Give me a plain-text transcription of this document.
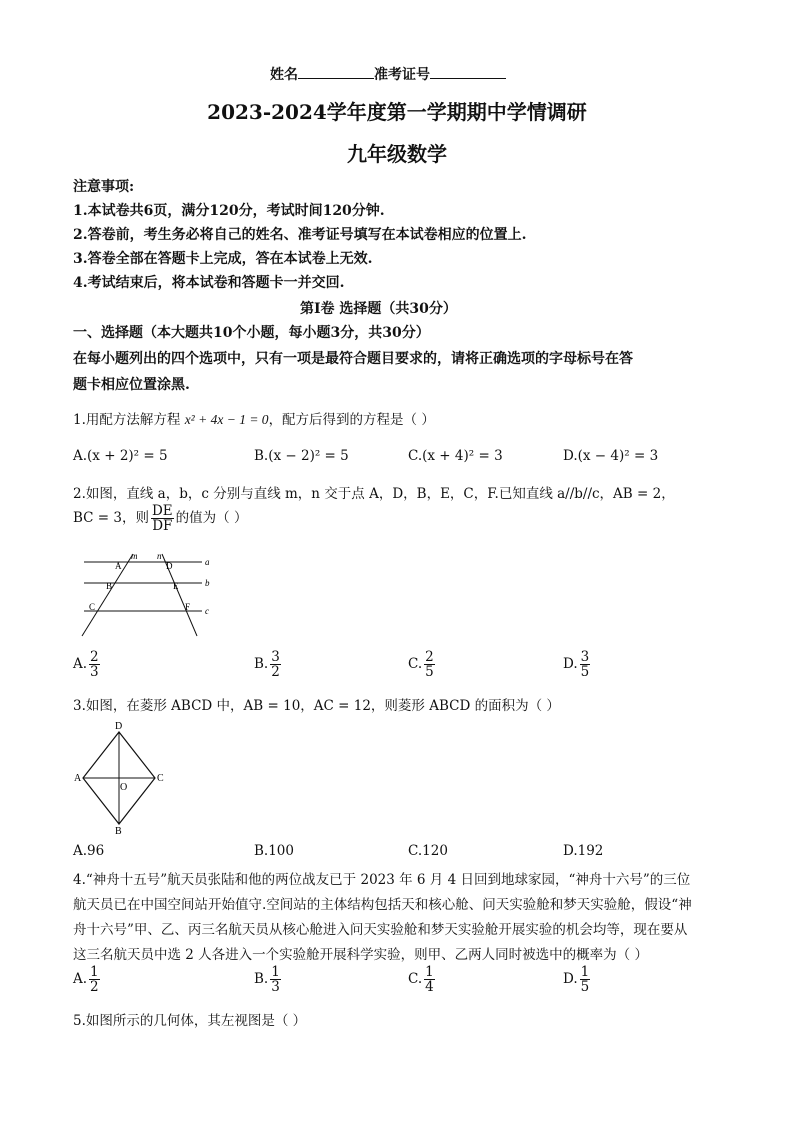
姓名	准考证号
2023-2024学年度第一学期期中学情调研
九年级数学
注意事项:
1.本试卷共6页，满分120分，考试时间120分钟.
2.答卷前，考生务必将自己的姓名、准考证号填写在本试卷相应的位置上.
3.答卷全部在答题卡上完成，答在本试卷上无效.
4.考试结束后，将本试卷和答题卡一并交回.
第I卷 选择题（共30分）
一、选择题（本大题共10个小题，每小题3分，共30分）
在每小题列出的四个选项中，只有一项是最符合题目要求的，请将正确选项的字母标号在答
题卡相应位置涂黑.
1.用配方法解方程 x² + 4x − 1 = 0，配方后得到的方程是（ ）
A.(x + 2)² = 5	B.(x − 2)² = 5	C.(x + 4)² = 3	D.(x − 4)² = 3
2.如图，直线 a，b，c 分别与直线 m，n 交于点 A，D，B，E，C，F.已知直线 a//b//c，AB = 2，
BC = 3，则 $\frac{DE}{DF}$ 的值为（ ）
m n
A	D	a
B	E	b
C	F c
A. $\frac{2}{3}$	B. $\frac{3}{2}$	C. $\frac{2}{5}$	D. $\frac{3}{5}$
3.如图，在菱形 ABCD 中，AB = 10，AC = 12，则菱形 ABCD 的面积为（ ）
D
A
O
C
B
A.96	B.100	C.120	D.192
4.“神舟十五号”航天员张陆和他的两位战友已于 2023 年 6 月 4 日回到地球家园，“神舟十六号”的三位
航天员已在中国空间站开始值守.空间站的主体结构包括天和核心舱、问天实验舱和梦天实验舱，假设“神
舟十六号”甲、乙、丙三名航天员从核心舱进入问天实验舱和梦天实验舱开展实验的机会均等，现在要从
这三名航天员中选 2 人各进入一个实验舱开展科学实验，则甲、乙两人同时被选中的概率为（ ）
A. $\frac{1}{2}$	B. $\frac{1}{3}$	C. $\frac{1}{4}$	D. $\frac{1}{5}$
5.如图所示的几何体，其左视图是（ ）
